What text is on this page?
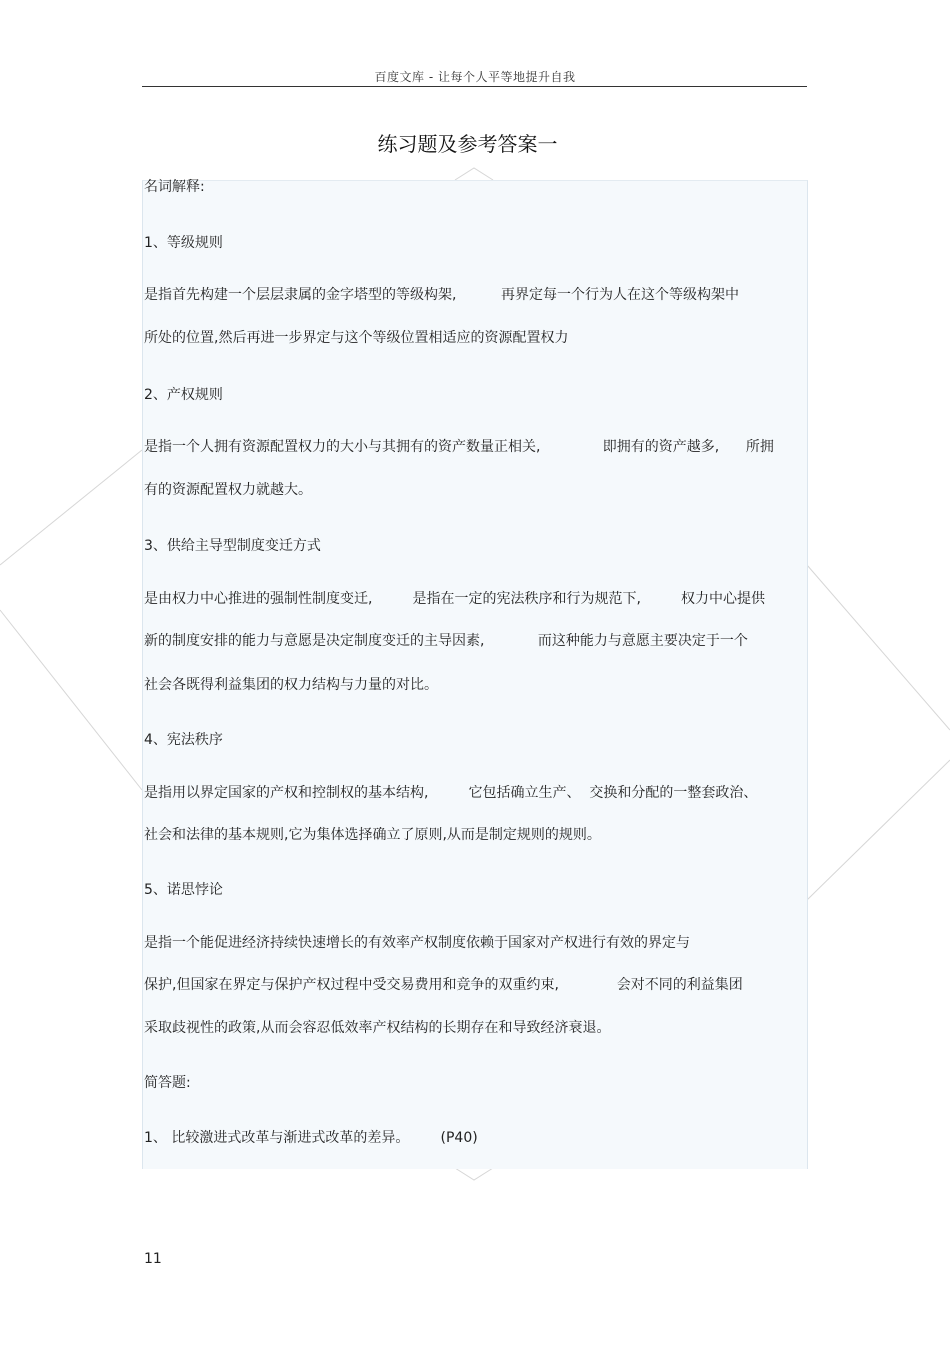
百度文库 - 让每个人平等地提升自我
练习题及参考答案一
名词解释:
1、等级规则
是指首先构建一个层层隶属的金字塔型的等级构架,          再界定每一个行为人在这个等级构架中
所处的位置,然后再进一步界定与这个等级位置相适应的资源配置权力
2、产权规则
是指一个人拥有资源配置权力的大小与其拥有的资产数量正相关,              即拥有的资产越多,      所拥
有的资源配置权力就越大。
3、供给主导型制度变迁方式
是由权力中心推进的强制性制度变迁,         是指在一定的宪法秩序和行为规范下,         权力中心提供
新的制度安排的能力与意愿是决定制度变迁的主导因素,            而这种能力与意愿主要决定于一个
社会各既得利益集团的权力结构与力量的对比。
4、宪法秩序
是指用以界定国家的产权和控制权的基本结构,         它包括确立生产、  交换和分配的一整套政治、
社会和法律的基本规则,它为集体选择确立了原则,从而是制定规则的规则。
5、诺思悖论
是指一个能促进经济持续快速增长的有效率产权制度依赖于国家对产权进行有效的界定与
保护,但国家在界定与保护产权过程中受交易费用和竞争的双重约束,             会对不同的利益集团
采取歧视性的政策,从而会容忍低效率产权结构的长期存在和导致经济衰退。
简答题:
1、 比较激进式改革与渐进式改革的差异。       (P40)
11
